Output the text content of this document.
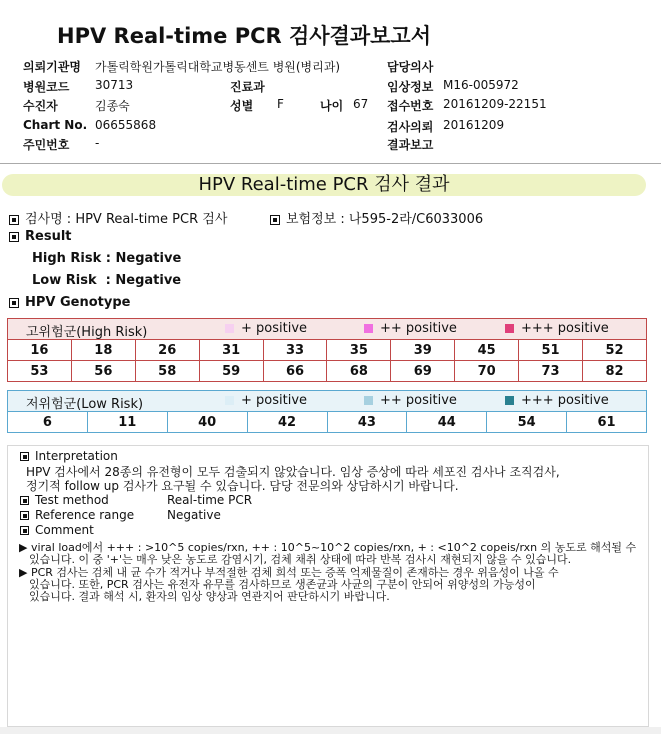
HPV Real-time PCR 검사결과보고서
의뢰기관명 가톨릭학원가톨릭대학교병동센트 병원(병리과)	담당의사
병원코드 30713	진료과	임상정보 M16-005972
수진자	김종숙	성별 F	나이 67 접수번호 20161209-22151
Chart No. 06655868	검사의뢰 20161209
주민번호 -	결과보고
HPV Real-time PCR 검사 결과
검사명 : HPV Real-time PCR 검사	보험정보 : 나595-2라/C6033006
Result
High Risk : Negative
Low Risk  : Negative
HPV Genotype
고위험군(High Risk)	+ positive	++ positive	+++ positive
16	18	26	31	33	35	39	45	51	52
53	56	58	59	66	68	69	70	73	82
저위험군(Low Risk)	+ positive	++ positive	+++ positive
6	11	40	42	43	44	54	61
Interpretation
HPV 검사에서 28종의 유전형이 모두 검출되지 않았습니다. 임상 증상에 따라 세포진 검사나 조직검사,
정기적 follow up 검사가 요구될 수 있습니다. 담당 전문의와 상담하시기 바랍니다.
Test method	Real-time PCR
Reference range	Negative
Comment
▶ viral load에서 +++ : >10^5 copies/rxn, ++ : 10^5~10^2 copies/rxn, + : <10^2 copeis/rxn 의 농도로 해석될 수
있습니다. 이 중 '+'는 매우 낮은 농도로 감염시기, 검체 채취 상태에 따라 반복 검사시 재현되지 않을 수 있습니다.
▶ PCR 검사는 검체 내 균 수가 적거나 부적절한 검체 희석 또는 증폭 억제물질이 존재하는 경우 위음성이 나올 수
있습니다. 또한, PCR 검사는 유전자 유무를 검사하므로 생존균과 사균의 구분이 안되어 위양성의 가능성이
있습니다. 결과 해석 시, 환자의 임상 양상과 연관지어 판단하시기 바랍니다.
